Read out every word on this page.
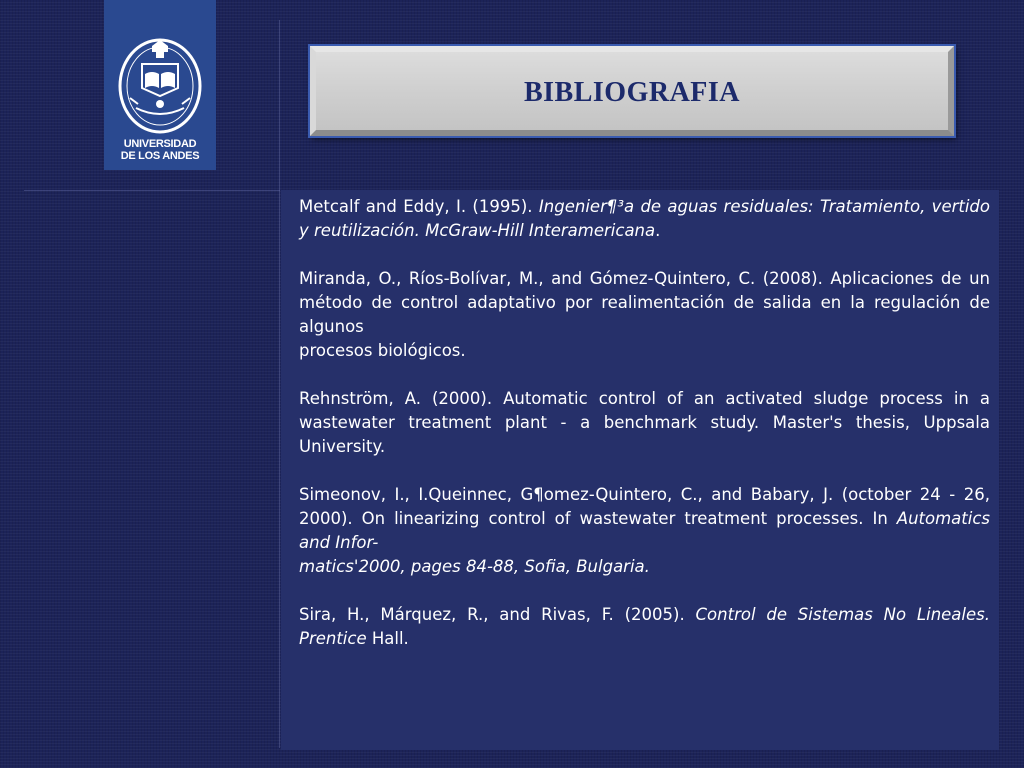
UNIVERSIDAD
DE LOS ANDES
BIBLIOGRAFIA

Metcalf and Eddy, I. (1995). Ingenier¶³a de aguas residuales: Tratamiento, vertido y reutilización. McGraw-Hill Interamericana.

Miranda, O., Ríos-Bolívar, M., and Gómez-Quintero, C. (2008). Aplicaciones de un método de control adaptativo por realimentación de salida en la regulación de algunos
procesos biológicos.

Rehnström, A. (2000). Automatic control of an activated sludge process in a wastewater treatment plant - a benchmark study. Master's thesis, Uppsala University.

Simeonov, I., I.Queinnec, G¶omez-Quintero, C., and Babary, J. (october 24 - 26, 2000). On linearizing control of wastewater treatment processes. In Automatics and Infor-
matics'2000, pages 84-88, Sofia, Bulgaria.

Sira, H., Márquez, R., and Rivas, F. (2005). Control de Sistemas No Lineales. Prentice Hall.
